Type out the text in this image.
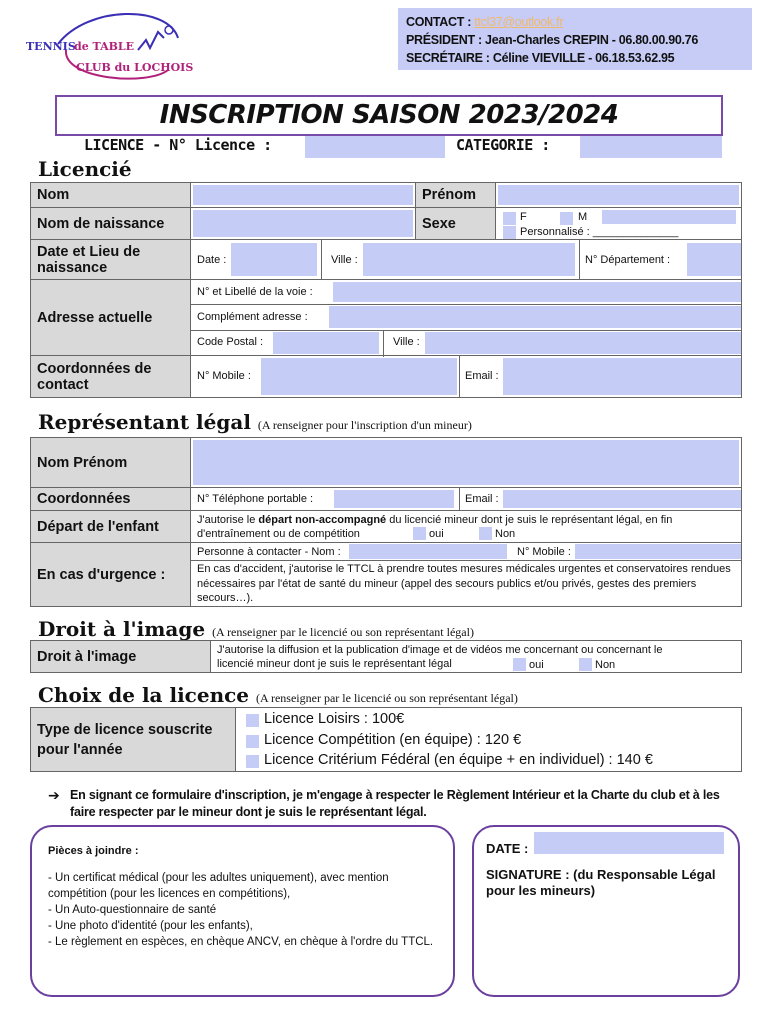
TENNIS
de TABLE
CLUB du LOCHOIS
CONTACT : ttcl37@outlook.fr
PRÉSIDENT : Jean-Charles CREPIN - 06.80.00.90.76
SECRÉTAIRE : Céline VIEVILLE - 06.18.53.62.95
INSCRIPTION SAISON 2023/2024
LICENCE - N° Licence :	CATEGORIE :
Licencié
Nom		Prénom	

Nom de naissance		Sexe	F M
Personnalisé : ______________

Date et Lieu de naissance	Date : Ville : N° Département :		

Adresse actuelle	N° et Libellé de la voie :
Complément adresse :
Code Postal : Ville :		

Coordonnées de contact	N° Mobile : Email :		
Représentant légal (A renseigner pour l'inscription d'un mineur)
Nom Prénom	

Coordonnées	N° Téléphone portable : Email :

Départ de l'enfant	J'autorise le départ non-accompagné du licencié mineur dont je suis le représentant légal, en fin d'entraînement ou de compétition oui Non

En cas d'urgence :	Personne à contacter - Nom : N° Mobile :
En cas d'accident, j'autorise le TTCL à prendre toutes mesures médicales urgentes et conservatoires rendues nécessaires par l'état de santé du mineur (appel des secours publics et/ou privés, gestes des premiers secours…).
Droit à l'image (A renseigner par le licencié ou son représentant légal)
Droit à l'image	J'autorise la diffusion et la publication d'image et de vidéos me concernant ou concernant le licencié mineur dont je suis le représentant légal	oui	Non
Choix de la licence (A renseigner par le licencié ou son représentant légal)
Type de licence souscrite pour l'année	
Licence Loisirs : 100€
Licence Compétition (en équipe) : 120 €
Licence Critérium Fédéral (en équipe + en individuel) : 140 €
➔ En signant ce formulaire d'inscription, je m'engage à respecter le Règlement Intérieur et la Charte du club et à les faire respecter par le mineur dont je suis le représentant légal.
Pièces à joindre :
- Un certificat médical (pour les adultes uniquement), avec mention compétition (pour les licences en compétitions),
- Un Auto-questionnaire de santé
- Une photo d'identité (pour les enfants),
- Le règlement en espèces, en chèque ANCV, en chèque à l'ordre du TTCL.
DATE :
SIGNATURE : (du Responsable Légal pour les mineurs)
